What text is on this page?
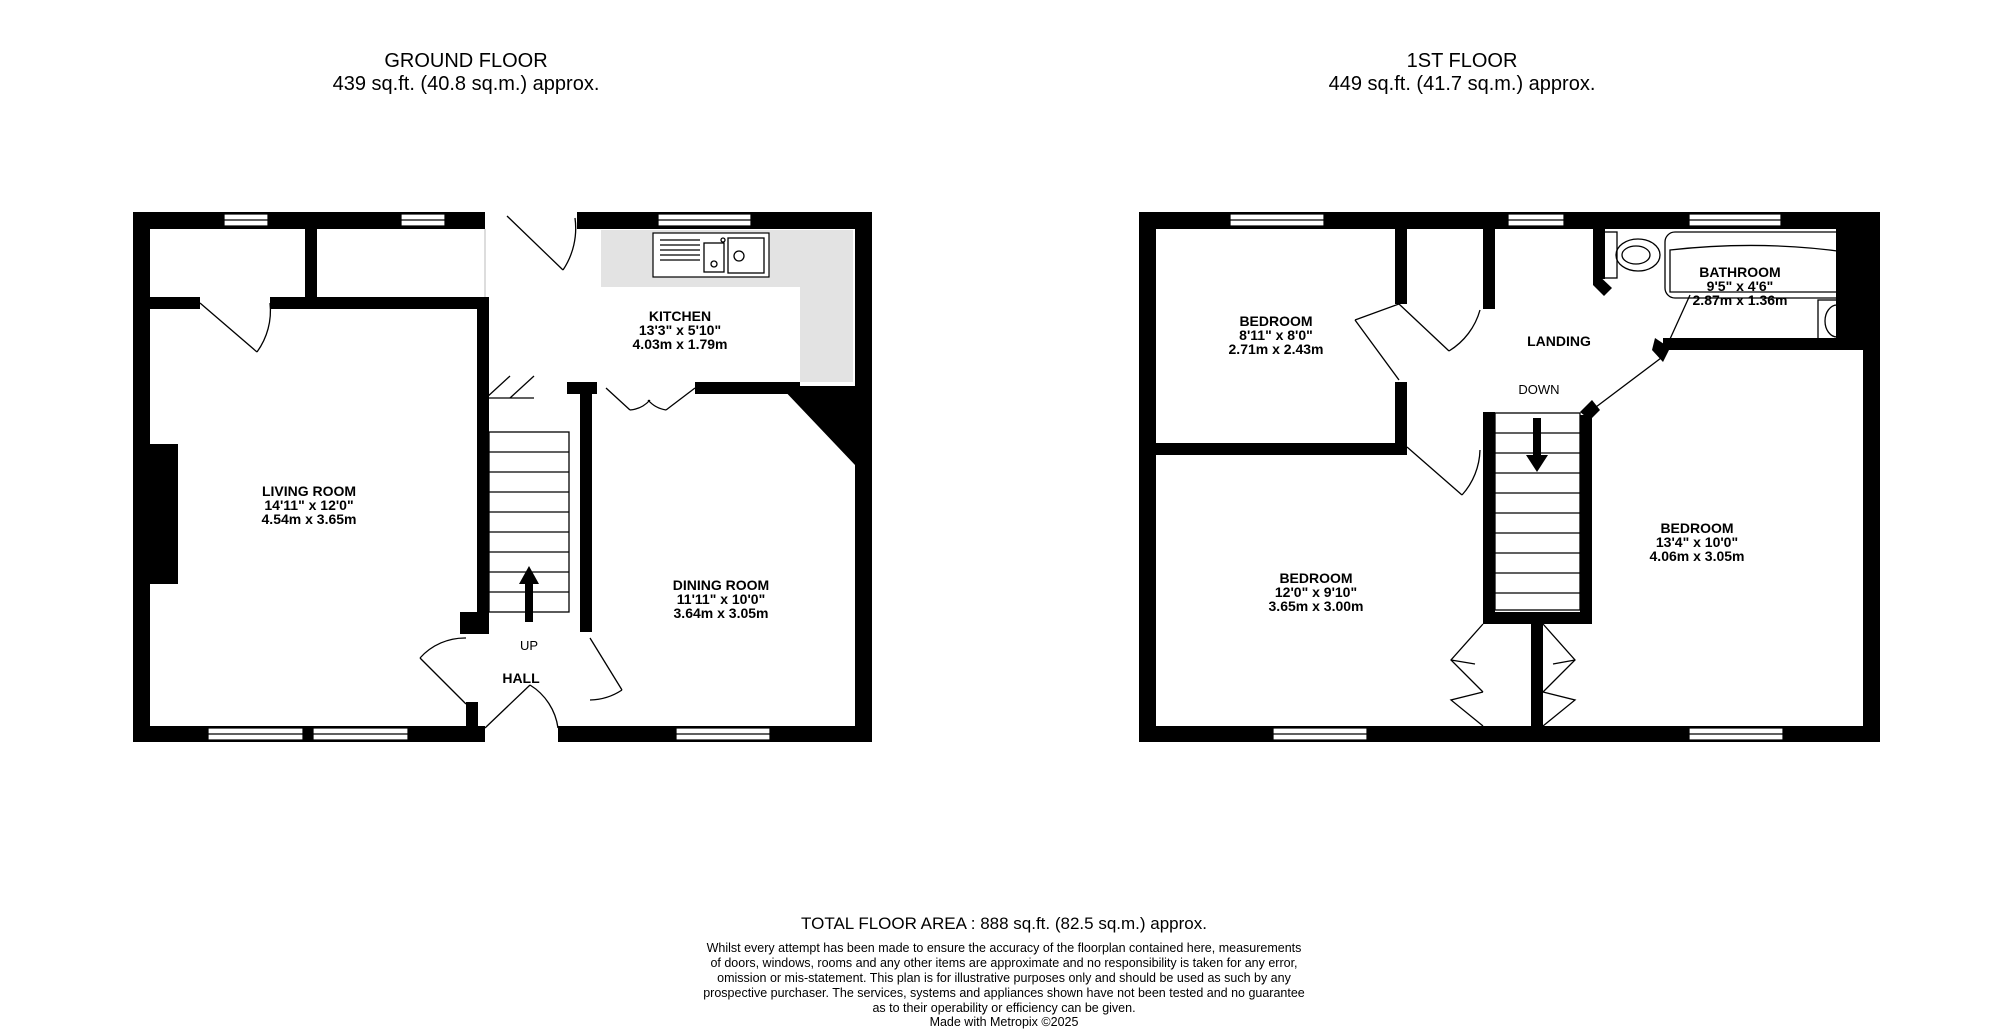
GROUND FLOOR
439 sq.ft. (40.8 sq.m.) approx.
1ST FLOOR
449 sq.ft. (41.7 sq.m.) approx.
KITCHEN
13'3" x 5'10"
4.03m x 1.79m
LIVING ROOM
14'11" x 12'0"
4.54m x 3.65m
DINING ROOM
11'11" x 10'0"
3.64m x 3.05m
UP
HALL
BEDROOM
8'11" x 8'0"
2.71m x 2.43m
BATHROOM
9'5" x 4'6"
2.87m x 1.36m
LANDING
DOWN
BEDROOM
12'0" x 9'10"
3.65m x 3.00m
BEDROOM
13'4" x 10'0"
4.06m x 3.05m
TOTAL FLOOR AREA : 888 sq.ft. (82.5 sq.m.) approx.
Whilst every attempt has been made to ensure the accuracy of the floorplan contained here, measurements
of doors, windows, rooms and any other items are approximate and no responsibility is taken for any error,
omission or mis-statement. This plan is for illustrative purposes only and should be used as such by any
prospective purchaser. The services, systems and appliances shown have not been tested and no guarantee
as to their operability or efficiency can be given.
Made with Metropix ©2025
